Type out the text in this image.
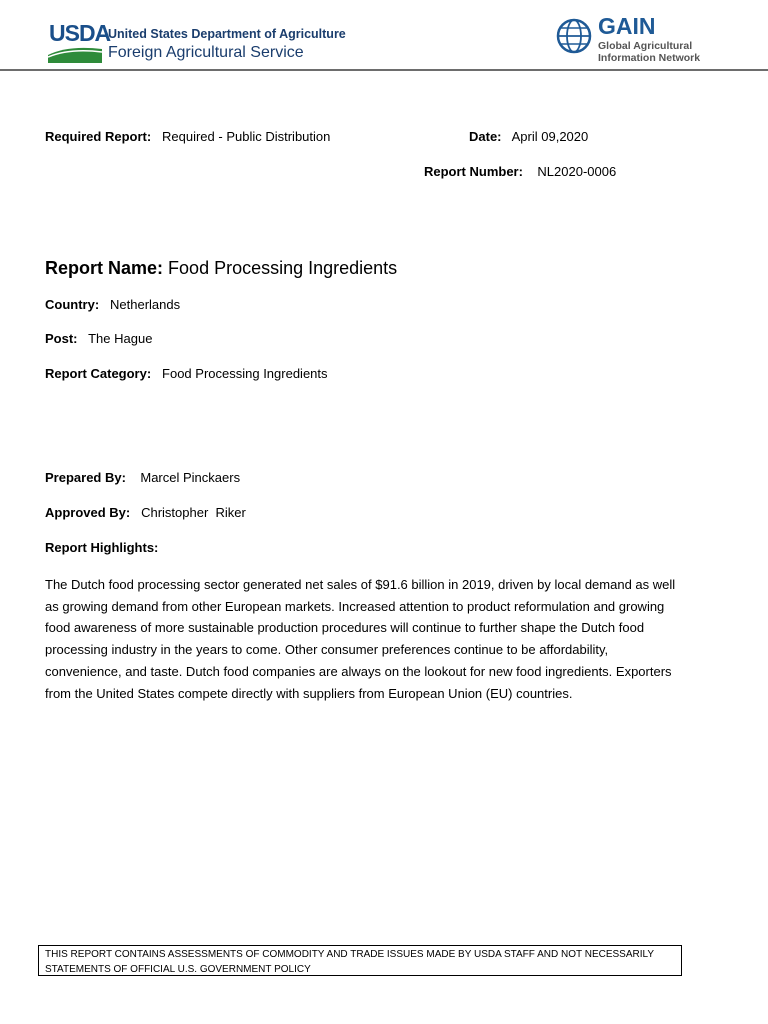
USDA
United States Department of Agriculture
Foreign Agricultural Service
GAIN
Global Agricultural
Information Network
Required Report: Required - Public Distribution	Date: April 09,2020
Report Number: NL2020-0006
Report Name: Food Processing Ingredients
Country: Netherlands
Post: The Hague
Report Category: Food Processing Ingredients
Prepared By: Marcel Pinckaers
Approved By: Christopher  Riker
Report Highlights:
The Dutch food processing sector generated net sales of $91.6 billion in 2019, driven by local demand as well as growing demand from other European markets. Increased attention to product reformulation and growing food awareness of more sustainable production procedures will continue to further shape the Dutch food processing industry in the years to come. Other consumer preferences continue to be affordability, convenience, and taste. Dutch food companies are always on the lookout for new food ingredients. Exporters from the United States compete directly with suppliers from European Union (EU) countries.
THIS REPORT CONTAINS ASSESSMENTS OF COMMODITY AND TRADE ISSUES MADE BY USDA STAFF AND NOT NECESSARILY
STATEMENTS OF OFFICIAL U.S. GOVERNMENT POLICY
